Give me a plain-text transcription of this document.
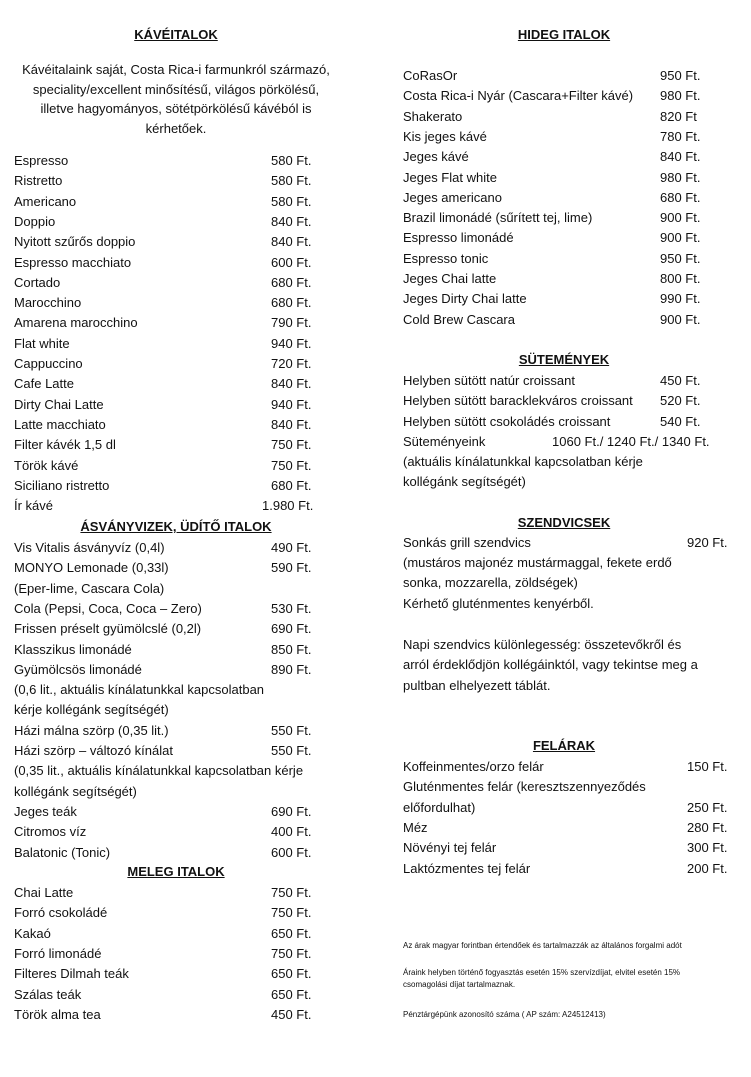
KÁVÉITALOK
Kávéitalaink saját, Costa Rica-i farmunkról származó,
speciality/excellent minősítésű, világos pörkölésű,
illetve hagyományos, sötétpörkölésű kávéból is
kérhetőek.
Espresso	580 Ft.
Ristretto	580 Ft.
Americano	580 Ft.
Doppio	840 Ft.
Nyitott szűrős doppio	840 Ft.
Espresso macchiato	600 Ft.
Cortado	680 Ft.
Marocchino	680 Ft.
Amarena marocchino	790 Ft.
Flat white	940 Ft.
Cappuccino	720 Ft.
Cafe Latte	840 Ft.
Dirty Chai Latte	940 Ft.
Latte macchiato	840 Ft.
Filter kávék 1,5 dl	750 Ft.
Török kávé	750 Ft.
Siciliano ristretto	680 Ft.
Ír kávé	1.980 Ft.
ÁSVÁNYVIZEK, ÜDÍTŐ ITALOK
Vis Vitalis ásványvíz (0,4l)	490 Ft.
MONYO Lemonade (0,33l)	590 Ft.
(Eper-lime, Cascara Cola)
Cola (Pepsi, Coca, Coca – Zero)	530 Ft.
Frissen préselt gyümölcslé (0,2l)	690 Ft.
Klasszikus limonádé	850 Ft.
Gyümölcsös limonádé	890 Ft.
(0,6 lit., aktuális kínálatunkkal kapcsolatban
kérje kollégánk segítségét)
Házi málna szörp (0,35 lit.)	550 Ft.
Házi szörp – változó kínálat	550 Ft.
(0,35 lit., aktuális kínálatunkkal kapcsolatban kérje
kollégánk segítségét)
Jeges teák	690 Ft.
Citromos víz	400 Ft.
Balatonic (Tonic)	600 Ft.
MELEG ITALOK
Chai Latte	750 Ft.
Forró csokoládé	750 Ft.
Kakaó	650 Ft.
Forró limonádé	750 Ft.
Filteres Dilmah teák	650 Ft.
Szálas teák	650 Ft.
Török alma tea	450 Ft.
HIDEG ITALOK
CoRasOr	950 Ft.
Costa Rica-i Nyár (Cascara+Filter kávé) 980 Ft.
Shakerato	820 Ft
Kis jeges kávé	780 Ft.
Jeges kávé	840 Ft.
Jeges Flat white	980 Ft.
Jeges americano	680 Ft.
Brazil limonádé (sűrített tej, lime)	900 Ft.
Espresso limonádé	900 Ft.
Espresso tonic	950 Ft.
Jeges Chai latte	800 Ft.
Jeges Dirty Chai latte	990 Ft.
Cold Brew Cascara	900 Ft.
SÜTEMÉNYEK
Helyben sütött natúr croissant	450 Ft.
Helyben sütött baracklekváros croissant 520 Ft.
Helyben sütött csokoládés croissant	540 Ft.
Süteményeink	1060 Ft./ 1240 Ft./ 1340 Ft.
(aktuális kínálatunkkal kapcsolatban kérje
kollégánk segítségét)
SZENDVICSEK
Sonkás grill szendvics	920 Ft.
(mustáros majonéz mustármaggal, fekete erdő
sonka, mozzarella, zöldségek)
Kérhető gluténmentes kenyérből.
Napi szendvics különlegesség: összetevőkről és
arról érdeklődjön kollégáinktól, vagy tekintse meg a
pultban elhelyezett táblát.
FELÁRAK
Koffeinmentes/orzo felár	150 Ft.
Gluténmentes felár (keresztszennyeződés
előfordulhat)	250 Ft.
Méz	280 Ft.
Növényi tej felár	300 Ft.
Laktózmentes tej felár	200 Ft.
Az árak magyar forintban értendőek és tartalmazzák az általános forgalmi adót
Áraink helyben történő fogyasztás esetén 15% szervízdíjat, elvitel esetén 15%
csomagolási díjat tartalmaznak.
Pénztárgépünk azonosító száma ( AP szám: A24512413)
